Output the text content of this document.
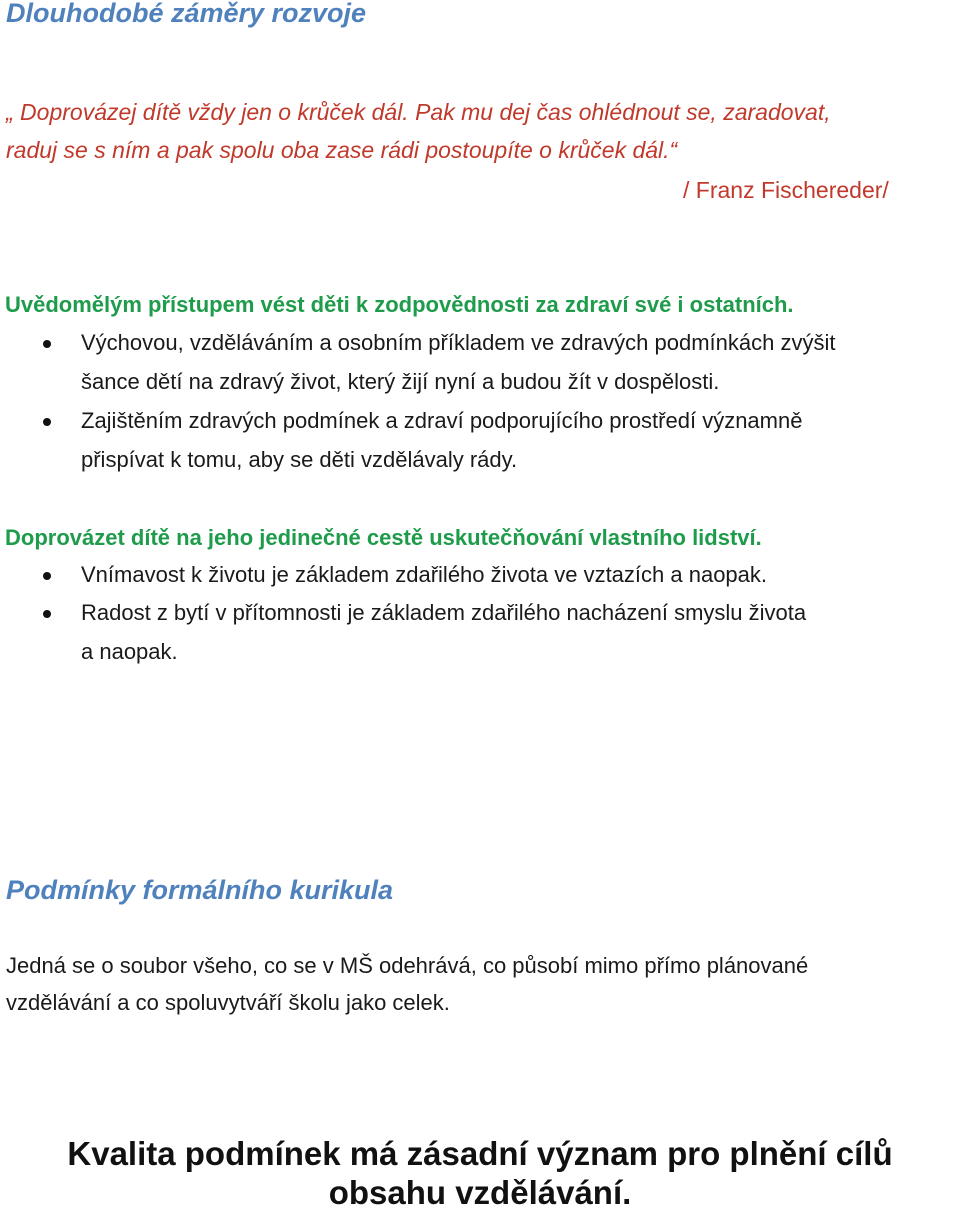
Dlouhodobé záměry rozvoje
„ Doprovázej dítě vždy jen o krůček dál. Pak mu dej čas ohlédnout se, zaradovat,
raduj se s ním a pak spolu oba zase rádi postoupíte o krůček dál.“
/ Franz Fischereder/
Uvědomělým přístupem vést děti k zodpovědnosti za zdraví své i ostatních.
Výchovou, vzděláváním a osobním příkladem ve zdravých podmínkách zvýšit
šance dětí na zdravý život, který žijí nyní a budou žít v dospělosti.
Zajištěním zdravých podmínek a zdraví podporujícího prostředí významně
přispívat k tomu, aby se děti vzdělávaly rády.
Doprovázet dítě na jeho jedinečné cestě uskutečňování vlastního lidství.
Vnímavost k životu je základem zdařilého života ve vztazích a naopak.
Radost z bytí v přítomnosti je základem zdařilého nacházení smyslu života
a naopak.
Podmínky formálního kurikula
Jedná se o soubor všeho, co se v MŠ odehrává, co působí mimo přímo plánované
vzdělávání a co spoluvytváří školu jako celek.
Kvalita podmínek má zásadní význam pro plnění cílů
obsahu vzdělávání.
